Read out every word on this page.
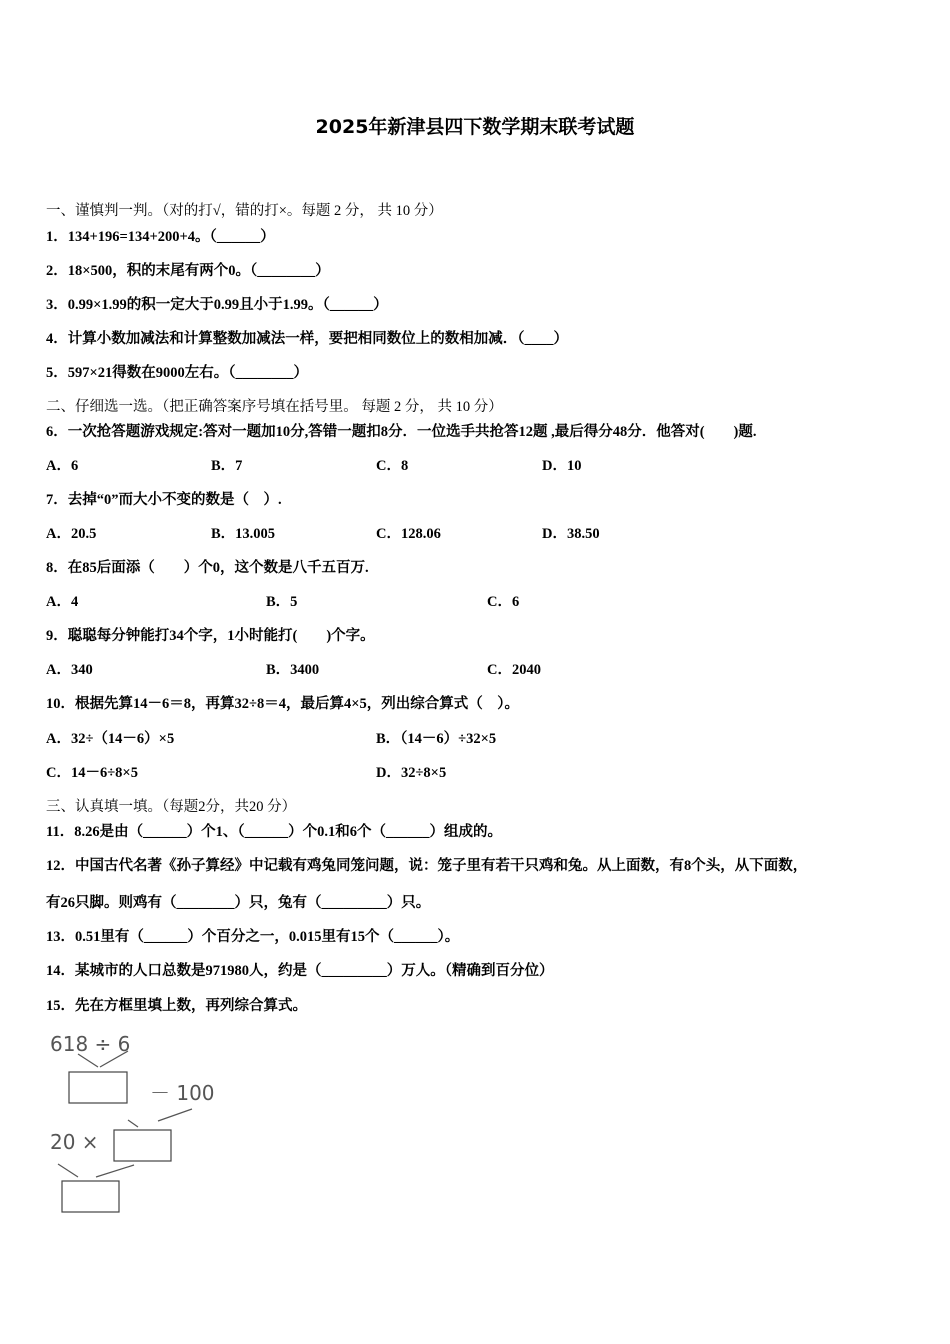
2025年新津县四下数学期末联考试题
一、谨慎判一判。（对的打√，错的打×。每题 2 分， 共 10 分）
1．134+196=134+200+4。（______）
2．18×500，积的末尾有两个0。（________）
3．0.99×1.99的积一定大于0.99且小于1.99。（______）
4．计算小数加减法和计算整数加减法一样，要把相同数位上的数相加减．（____）
5．597×21得数在9000左右。（________）
二、仔细选一选。（把正确答案序号填在括号里。 每题 2 分， 共 10 分）
6．一次抢答题游戏规定:答对一题加10分,答错一题扣8分．一位选手共抢答12题 ,最后得分48分．他答对(　　)题.
A．6	B．7	C．8	D．10
7．去掉“0”而大小不变的数是（　）.
A．20.5	B．13.005	C．128.06	D．38.50
8．在85后面添（　　）个0，这个数是八千五百万.
A．4	B．5	C．6
9．聪聪每分钟能打34个字，1小时能打(　　)个字。
A．340	B．3400	C．2040
10．根据先算14－6＝8，再算32÷8＝4，最后算4×5，列出综合算式（　）。
A．32÷（14－6）×5	B．（14－6）÷32×5
C．14－6÷8×5	D．32÷8×5
三、认真填一填。（每题2分，共20 分）
11．8.26是由（______）个1、（______）个0.1和6个（______）组成的。
12．中国古代名著《孙子算经》中记载有鸡兔同笼问题，说：笼子里有若干只鸡和兔。从上面数，有8个头，从下面数，
有26只脚。则鸡有（________）只，兔有（_________）只。
13．0.51里有（______）个百分之一，0.015里有15个（______）。
14．某城市的人口总数是971980人，约是（_________）万人。（精确到百分位）
15．先在方框里填上数，再列综合算式。
618 ÷ 6
－ 100
20 ×
